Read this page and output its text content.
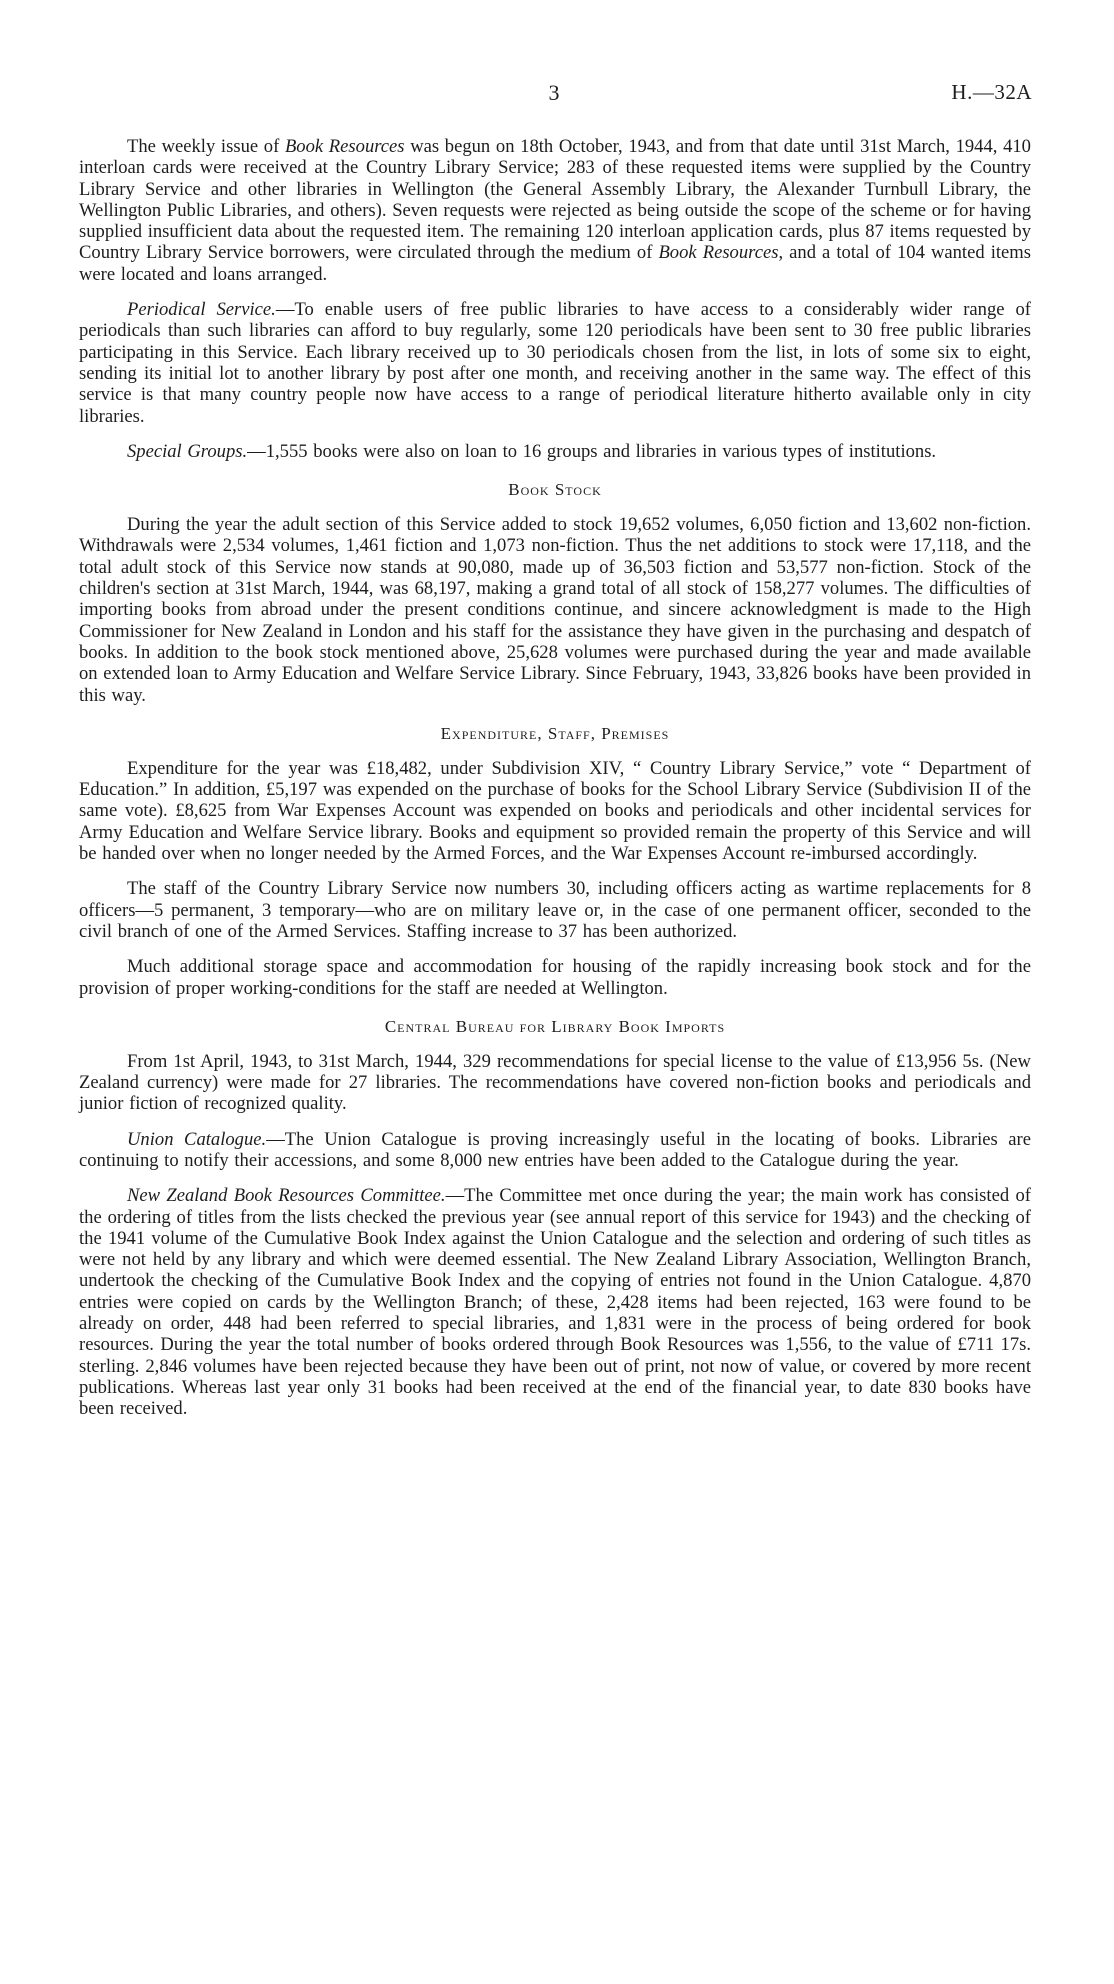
3	H.—32A

The weekly issue of Book Resources was begun on 18th October, 1943, and from that date until 31st March, 1944, 410 interloan cards were received at the Country Library Service; 283 of these requested items were supplied by the Country Library Service and other libraries in Wellington (the General Assembly Library, the Alexander Turnbull Library, the Wellington Public Libraries, and others). Seven requests were rejected as being outside the scope of the scheme or for having supplied insufficient data about the requested item. The remaining 120 interloan application cards, plus 87 items requested by Country Library Service borrowers, were circulated through the medium of Book Resources, and a total of 104 wanted items were located and loans arranged.

Periodical Service.—To enable users of free public libraries to have access to a considerably wider range of periodicals than such libraries can afford to buy regularly, some 120 periodicals have been sent to 30 free public libraries participating in this Service. Each library received up to 30 periodicals chosen from the list, in lots of some six to eight, sending its initial lot to another library by post after one month, and receiving another in the same way. The effect of this service is that many country people now have access to a range of periodical literature hitherto available only in city libraries.

Special Groups.—1,555 books were also on loan to 16 groups and libraries in various types of institutions.

Book Stock

During the year the adult section of this Service added to stock 19,652 volumes, 6,050 fiction and 13,602 non-fiction. Withdrawals were 2,534 volumes, 1,461 fiction and 1,073 non-fiction. Thus the net additions to stock were 17,118, and the total adult stock of this Service now stands at 90,080, made up of 36,503 fiction and 53,577 non-fiction. Stock of the children's section at 31st March, 1944, was 68,197, making a grand total of all stock of 158,277 volumes. The difficulties of importing books from abroad under the present conditions continue, and sincere acknowledgment is made to the High Commissioner for New Zealand in London and his staff for the assistance they have given in the purchasing and despatch of books. In addition to the book stock mentioned above, 25,628 volumes were purchased during the year and made available on extended loan to Army Education and Welfare Service Library. Since February, 1943, 33,826 books have been provided in this way.

Expenditure, Staff, Premises

Expenditure for the year was £18,482, under Subdivision XIV, “ Country Library Service,” vote “ Department of Education.” In addition, £5,197 was expended on the purchase of books for the School Library Service (Subdivision II of the same vote). £8,625 from War Expenses Account was expended on books and periodicals and other incidental services for Army Education and Welfare Service library. Books and equipment so provided remain the property of this Service and will be handed over when no longer needed by the Armed Forces, and the War Expenses Account re-imbursed accordingly.

The staff of the Country Library Service now numbers 30, including officers acting as wartime replacements for 8 officers—5 permanent, 3 temporary—who are on military leave or, in the case of one permanent officer, seconded to the civil branch of one of the Armed Services. Staffing increase to 37 has been authorized.

Much additional storage space and accommodation for housing of the rapidly increasing book stock and for the provision of proper working-conditions for the staff are needed at Wellington.

Central Bureau for Library Book Imports

From 1st April, 1943, to 31st March, 1944, 329 recommendations for special license to the value of £13,956 5s. (New Zealand currency) were made for 27 libraries. The recommendations have covered non-fiction books and periodicals and junior fiction of recognized quality.

Union Catalogue.—The Union Catalogue is proving increasingly useful in the locating of books. Libraries are continuing to notify their accessions, and some 8,000 new entries have been added to the Catalogue during the year.

New Zealand Book Resources Committee.—The Committee met once during the year; the main work has consisted of the ordering of titles from the lists checked the previous year (see annual report of this service for 1943) and the checking of the 1941 volume of the Cumulative Book Index against the Union Catalogue and the selection and ordering of such titles as were not held by any library and which were deemed essential. The New Zealand Library Association, Wellington Branch, undertook the checking of the Cumulative Book Index and the copying of entries not found in the Union Catalogue. 4,870 entries were copied on cards by the Wellington Branch; of these, 2,428 items had been rejected, 163 were found to be already on order, 448 had been referred to special libraries, and 1,831 were in the process of being ordered for book resources. During the year the total number of books ordered through Book Resources was 1,556, to the value of £711 17s. sterling. 2,846 volumes have been rejected because they have been out of print, not now of value, or covered by more recent publications. Whereas last year only 31 books had been received at the end of the financial year, to date 830 books have been received.
